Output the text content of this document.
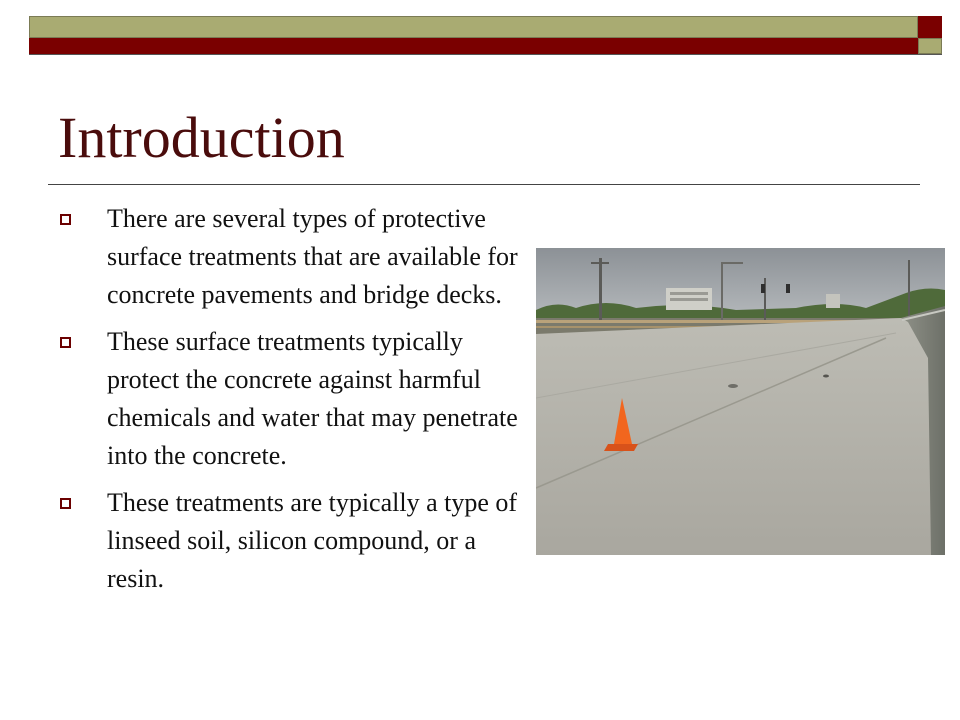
Introduction
There are several types of protective surface treatments that are available for concrete pavements and bridge decks.
These surface treatments typically protect the concrete against harmful chemicals and water that may penetrate into the concrete.
These treatments are typically a type of linseed soil, silicon compound, or a resin.
